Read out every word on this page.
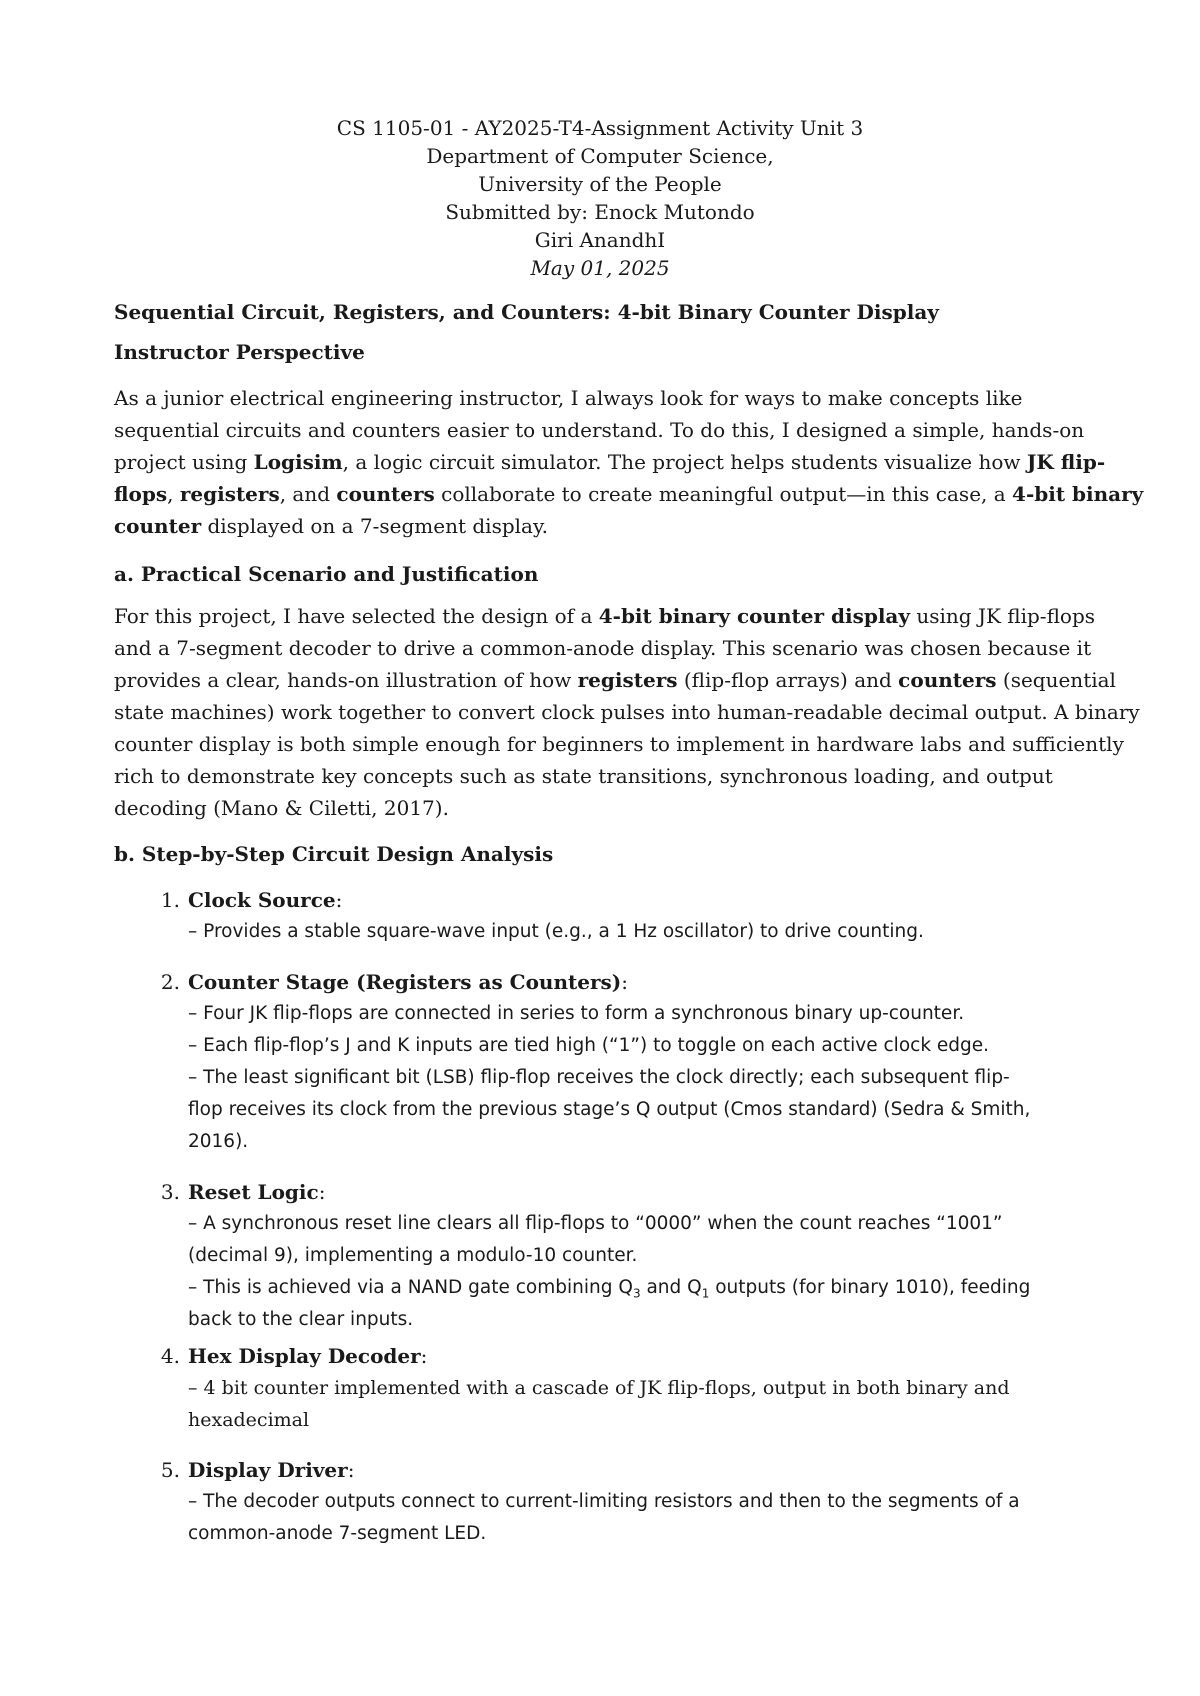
CS 1105-01 - AY2025-T4-Assignment Activity Unit 3
Department of Computer Science,
University of the People
Submitted by: Enock Mutondo
Giri AnandhI
May 01, 2025
Sequential Circuit, Registers, and Counters: 4-bit Binary Counter Display
Instructor Perspective
As a junior electrical engineering instructor, I always look for ways to make concepts like
sequential circuits and counters easier to understand. To do this, I designed a simple, hands-on
project using Logisim, a logic circuit simulator. The project helps students visualize how JK flip-
flops, registers, and counters collaborate to create meaningful output—in this case, a 4-bit binary
counter displayed on a 7-segment display.
a. Practical Scenario and Justification
For this project, I have selected the design of a 4-bit binary counter display using JK flip-flops
and a 7-segment decoder to drive a common-anode display. This scenario was chosen because it
provides a clear, hands-on illustration of how registers (flip-flop arrays) and counters (sequential
state machines) work together to convert clock pulses into human-readable decimal output. A binary
counter display is both simple enough for beginners to implement in hardware labs and sufficiently
rich to demonstrate key concepts such as state transitions, synchronous loading, and output
decoding (Mano & Ciletti, 2017).
b. Step-by-Step Circuit Design Analysis
1. Clock Source:
– Provides a stable square-wave input (e.g., a 1 Hz oscillator) to drive counting.
2. Counter Stage (Registers as Counters):
– Four JK flip-flops are connected in series to form a synchronous binary up-counter.
– Each flip-flop’s J and K inputs are tied high (“1”) to toggle on each active clock edge.
– The least significant bit (LSB) flip-flop receives the clock directly; each subsequent flip-
flop receives its clock from the previous stage’s Q output (Cmos standard) (Sedra & Smith,
2016).
3. Reset Logic:
– A synchronous reset line clears all flip-flops to “0000” when the count reaches “1001”
(decimal 9), implementing a modulo-10 counter.
– This is achieved via a NAND gate combining $Q_3$ and $Q_1$ outputs (for binary 1010), feeding
back to the clear inputs.
4. Hex Display Decoder:
– 4 bit counter implemented with a cascade of JK flip-flops, output in both binary and
hexadecimal
5. Display Driver:
– The decoder outputs connect to current-limiting resistors and then to the segments of a
common-anode 7-segment LED.
